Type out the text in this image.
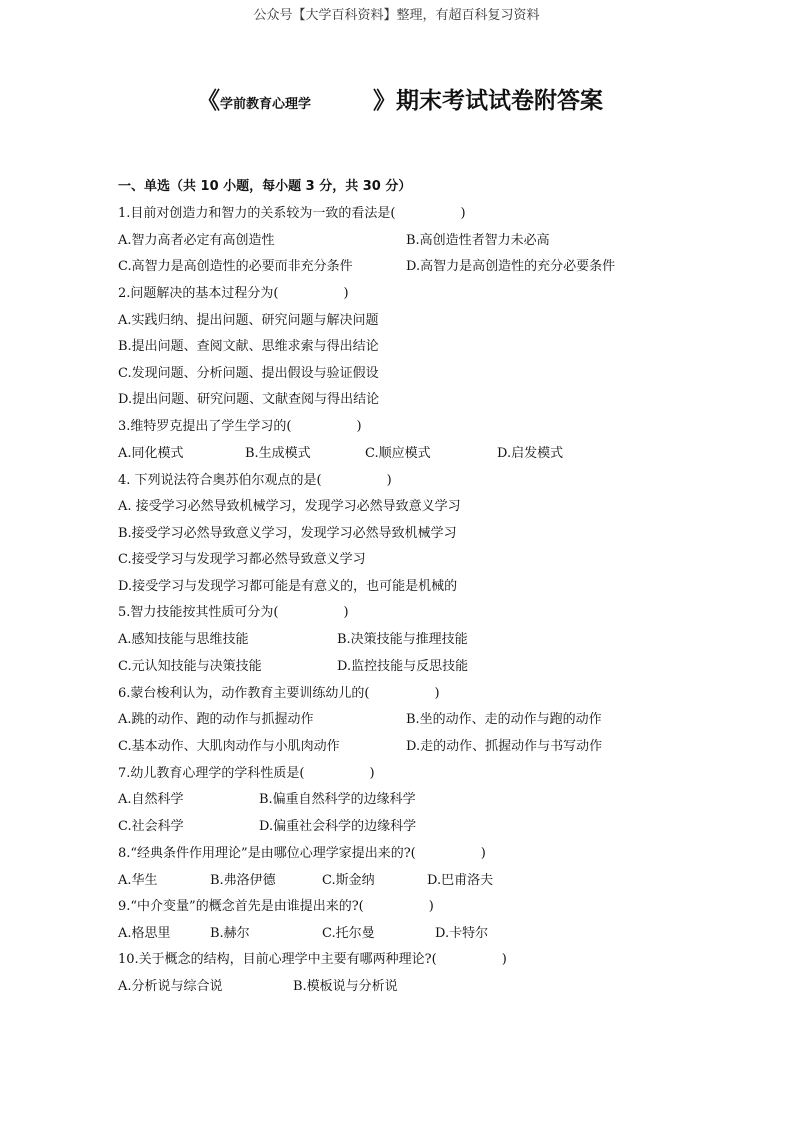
公众号【大学百科资料】整理，有超百科复习资料
《学前教育心理学	》期末考试试卷附答案
一、单选（共 10 小题，每小题 3 分，共 30 分）
1.目前对创造力和智力的关系较为一致的看法是(　　　　　)
A.智力高者必定有高创造性	B.高创造性者智力未必高
C.高智力是高创造性的必要而非充分条件	D.高智力是高创造性的充分必要条件
2.问题解决的基本过程分为(　　　　　)
A.实践归纳、提出问题、研究问题与解决问题
B.提出问题、查阅文献、思维求索与得出结论
C.发现问题、分析问题、提出假设与验证假设
D.提出问题、研究问题、文献查阅与得出结论
3.维特罗克提出了学生学习的(　　　　　)
A.同化模式	B.生成模式	C.顺应模式	D.启发模式
4. 下列说法符合奥苏伯尔观点的是(　　　　　)
A. 接受学习必然导致机械学习，发现学习必然导致意义学习
B.接受学习必然导致意义学习，发现学习必然导致机械学习
C.接受学习与发现学习都必然导致意义学习
D.接受学习与发现学习都可能是有意义的，也可能是机械的
5.智力技能按其性质可分为(　　　　　)
A.感知技能与思维技能	B.决策技能与推理技能
C.元认知技能与决策技能	D.监控技能与反思技能
6.蒙台梭利认为，动作教育主要训练幼儿的(　　　　　)
A.跳的动作、跑的动作与抓握动作	B.坐的动作、走的动作与跑的动作
C.基本动作、大肌肉动作与小肌肉动作	D.走的动作、抓握动作与书写动作
7.幼儿教育心理学的学科性质是(　　　　　)
A.自然科学	B.偏重自然科学的边缘科学
C.社会科学	D.偏重社会科学的边缘科学
8.“经典条件作用理论”是由哪位心理学家提出来的?(　　　　　)
A.华生	B.弗洛伊德	C.斯金纳	D.巴甫洛夫
9.“中介变量”的概念首先是由谁提出来的?(　　　　　)
A.格思里	B.赫尔	C.托尔曼	D.卡特尔
10.关于概念的结构，目前心理学中主要有哪两种理论?(　　　　　)
A.分析说与综合说	B.模板说与分析说
